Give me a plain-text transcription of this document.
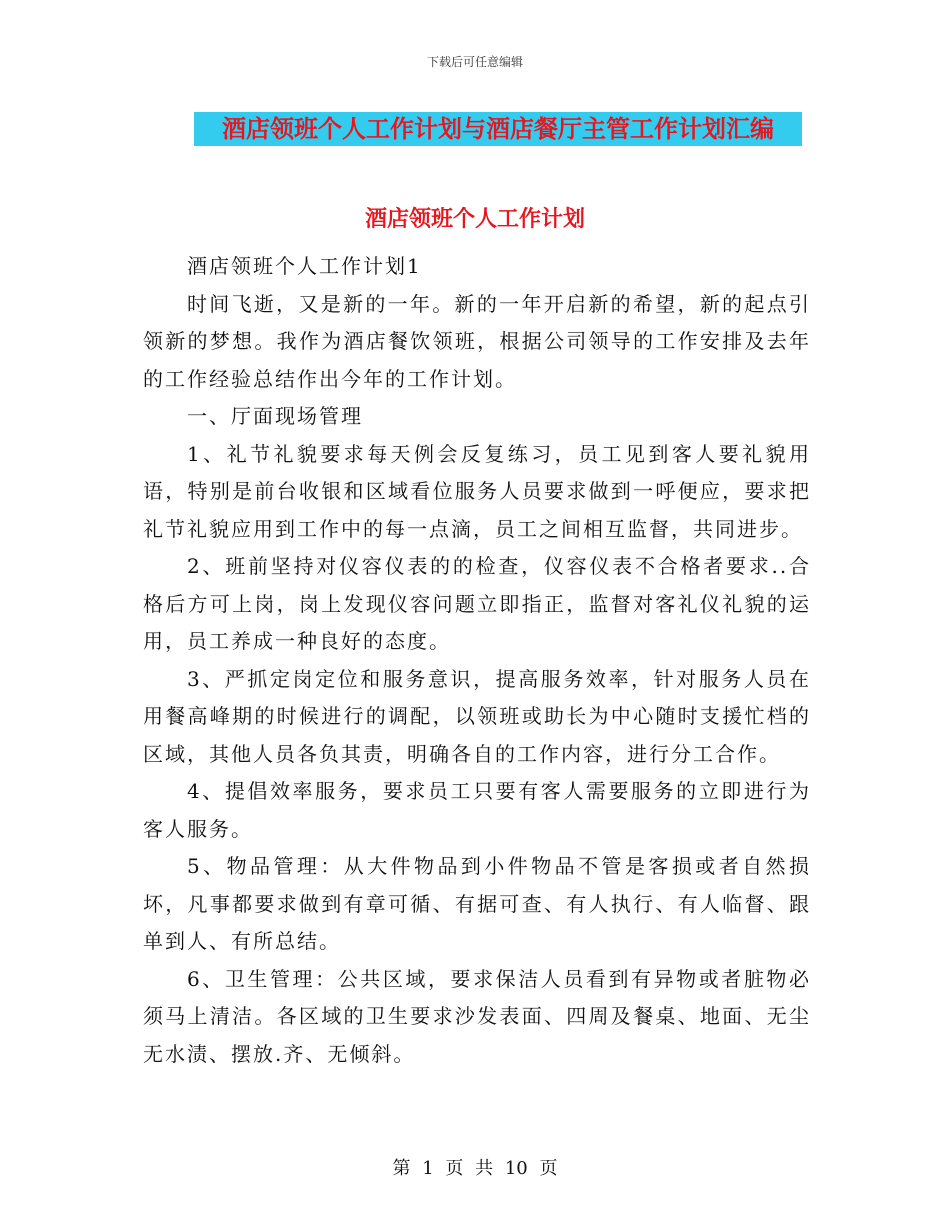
下载后可任意编辑
酒店领班个人工作计划与酒店餐厅主管工作计划汇编
酒店领班个人工作计划

酒店领班个人工作计划1

时间飞逝，又是新的一年。新的一年开启新的希望，新的起点引领新的梦想。我作为酒店餐饮领班，根据公司领导的工作安排及去年的工作经验总结作出今年的工作计划。

一、厅面现场管理

1、礼节礼貌要求每天例会反复练习，员工见到客人要礼貌用语，特别是前台收银和区域看位服务人员要求做到一呼便应，要求把礼节礼貌应用到工作中的每一点滴，员工之间相互监督，共同进步。

2、班前坚持对仪容仪表的的检查，仪容仪表不合格者要求..合格后方可上岗，岗上发现仪容问题立即指正，监督对客礼仪礼貌的运用，员工养成一种良好的态度。

3、严抓定岗定位和服务意识，提高服务效率，针对服务人员在用餐高峰期的时候进行的调配，以领班或助长为中心随时支援忙档的区域，其他人员各负其责，明确各自的工作内容，进行分工合作。

4、提倡效率服务，要求员工只要有客人需要服务的立即进行为客人服务。

5、物品管理：从大件物品到小件物品不管是客损或者自然损坏，凡事都要求做到有章可循、有据可查、有人执行、有人临督、跟单到人、有所总结。

6、卫生管理：公共区域，要求保洁人员看到有异物或者脏物必须马上清洁。各区域的卫生要求沙发表面、四周及餐桌、地面、无尘无水渍、摆放.齐、无倾斜。

第 1 页 共 10 页
